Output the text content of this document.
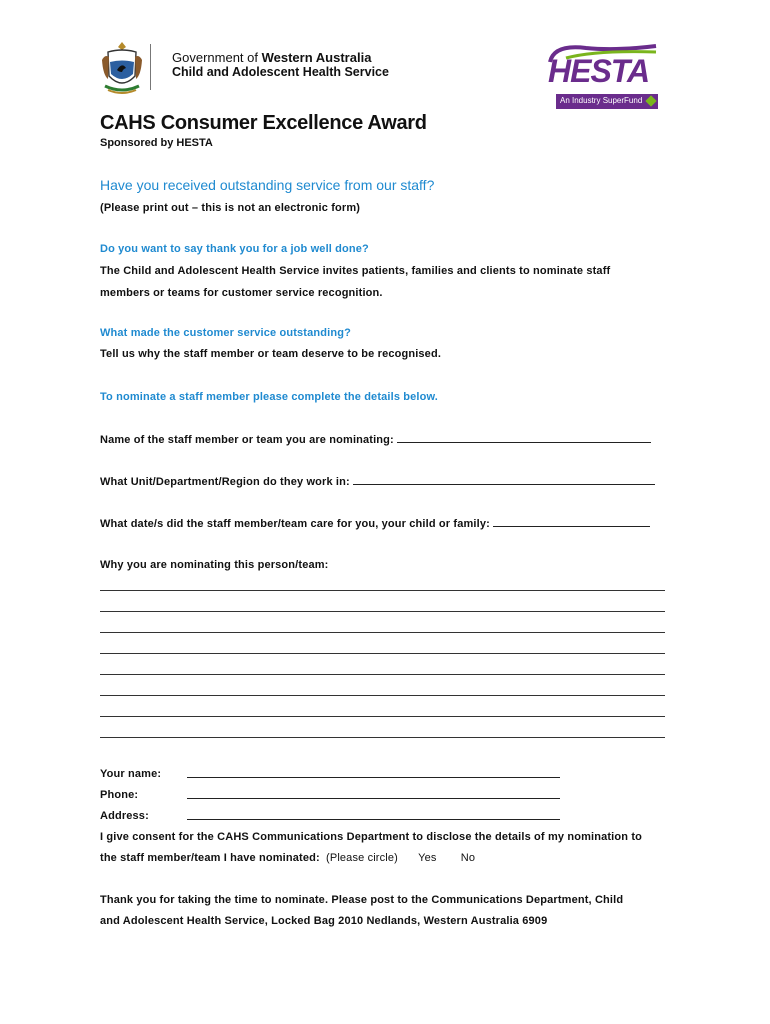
Government of Western Australia
Child and Adolescent Health Service	HESTA
An Industry SuperFund
CAHS Consumer Excellence Award
Sponsored by HESTA
Have you received outstanding service from our staff?
(Please print out – this is not an electronic form)
Do you want to say thank you for a job well done?
The Child and Adolescent Health Service invites patients, families and clients to nominate staff
members or teams for customer service recognition.
What made the customer service outstanding?
Tell us why the staff member or team deserve to be recognised.
To nominate a staff member please complete the details below.
Name of the staff member or team you are nominating:
What Unit/Department/Region do they work in:
What date/s did the staff member/team care for you, your child or family:
Why you are nominating this person/team:
Your name:
Phone:
Address:
I give consent for the CAHS Communications Department to disclose the details of my nomination to
the staff member/team I have nominated: (Please circle) Yes No
Thank you for taking the time to nominate. Please post to the Communications Department, Child
and Adolescent Health Service, Locked Bag 2010 Nedlands, Western Australia 6909
